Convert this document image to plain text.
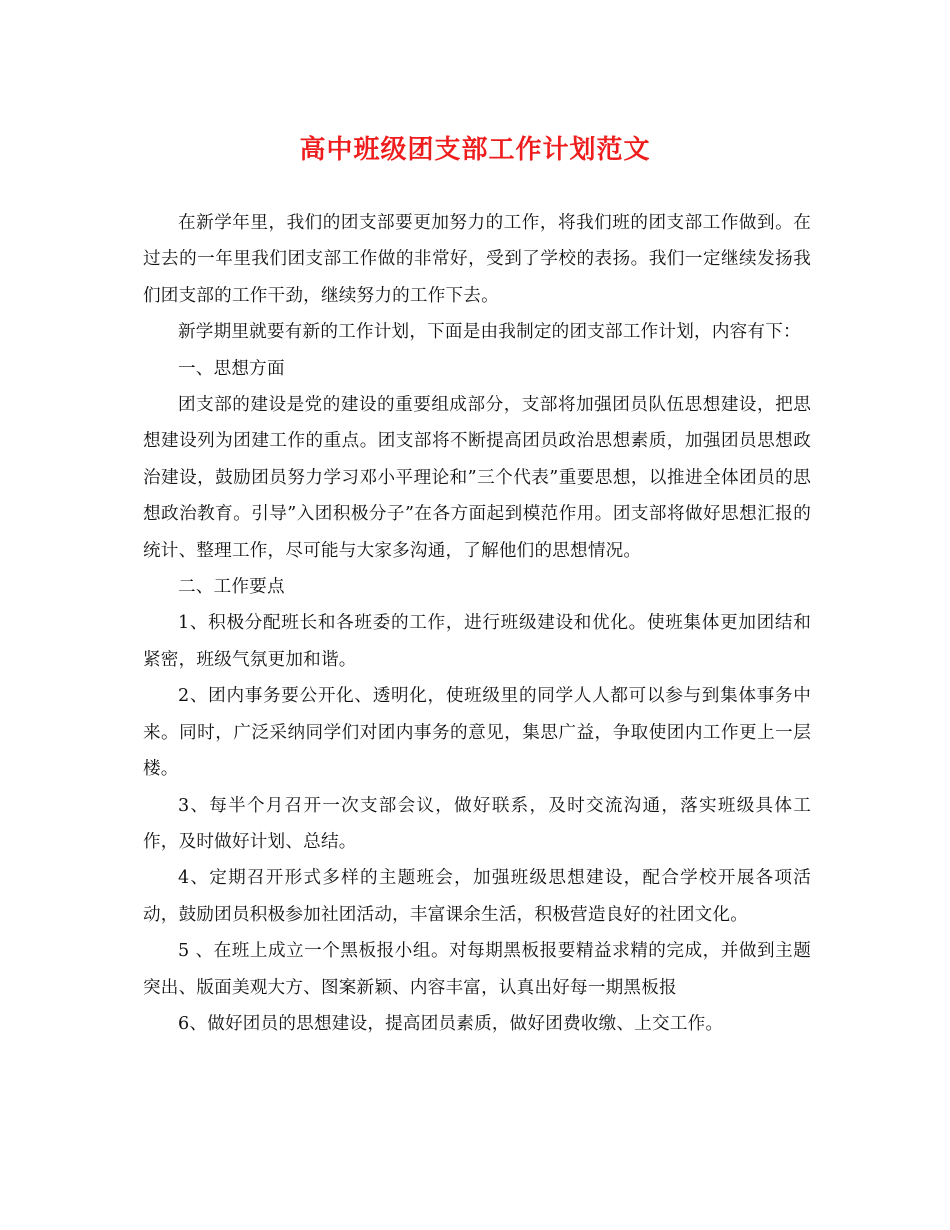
高中班级团支部工作计划范文

在新学年里，我们的团支部要更加努力的工作，将我们班的团支部工作做到。在过去的一年里我们团支部工作做的非常好，受到了学校的表扬。我们一定继续发扬我们团支部的工作干劲，继续努力的工作下去。

新学期里就要有新的工作计划，下面是由我制定的团支部工作计划，内容有下：

一、思想方面

团支部的建设是党的建设的重要组成部分，支部将加强团员队伍思想建设，把思想建设列为团建工作的重点。团支部将不断提高团员政治思想素质，加强团员思想政治建设，鼓励团员努力学习邓小平理论和”三个代表”重要思想，以推进全体团员的思想政治教育。引导”入团积极分子”在各方面起到模范作用。团支部将做好思想汇报的统计、整理工作，尽可能与大家多沟通，了解他们的思想情况。

二、工作要点

1、积极分配班长和各班委的工作，进行班级建设和优化。使班集体更加团结和紧密，班级气氛更加和谐。

2、团内事务要公开化、透明化，使班级里的同学人人都可以参与到集体事务中来。同时，广泛采纳同学们对团内事务的意见，集思广益，争取使团内工作更上一层楼。

3、每半个月召开一次支部会议，做好联系，及时交流沟通，落实班级具体工作，及时做好计划、总结。

4、定期召开形式多样的主题班会，加强班级思想建设，配合学校开展各项活动，鼓励团员积极参加社团活动，丰富课余生活，积极营造良好的社团文化。

5 、在班上成立一个黑板报小组。对每期黑板报要精益求精的完成，并做到主题突出、版面美观大方、图案新颖、内容丰富，认真出好每一期黑板报

6、做好团员的思想建设，提高团员素质，做好团费收缴、上交工作。
